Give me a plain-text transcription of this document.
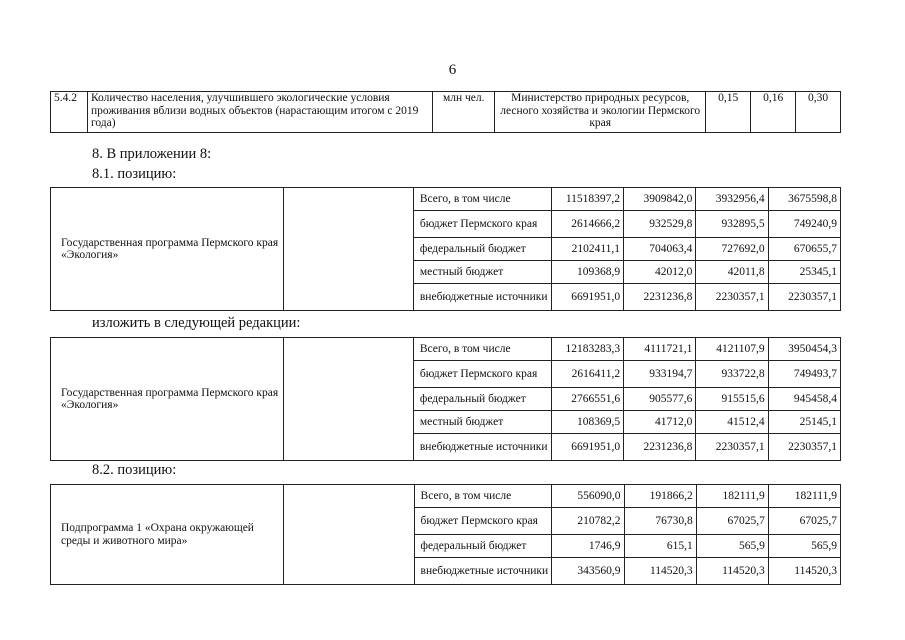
6
5.4.2	Количество населения, улучшившего экологические условия проживания вблизи водных объектов (нарастающим итогом с 2019 года)	млн чел.	Министерство природных ресурсов, лесного хозяйства и экологии Пермского края	0,15	0,16	0,30
8. В приложении 8:
8.1. позицию:
Государственная программа Пермского края «Экология»		Всего, в том числе	11518397,2	3909842,0	3932956,4	3675598,8
		бюджет Пермского края	2614666,2	932529,8	932895,5	749240,9
		федеральный бюджет	2102411,1	704063,4	727692,0	670655,7
		местный бюджет	109368,9	42012,0	42011,8	25345,1
		внебюджетные источники	6691951,0	2231236,8	2230357,1	2230357,1
изложить в следующей редакции:
Государственная программа Пермского края «Экология»		Всего, в том числе	12183283,3	4111721,1	4121107,9	3950454,3
		бюджет Пермского края	2616411,2	933194,7	933722,8	749493,7
		федеральный бюджет	2766551,6	905577,6	915515,6	945458,4
		местный бюджет	108369,5	41712,0	41512,4	25145,1
		внебюджетные источники	6691951,0	2231236,8	2230357,1	2230357,1
8.2. позицию:
Подпрограмма 1 «Охрана окружающей среды и животного мира»		Всего, в том числе	556090,0	191866,2	182111,9	182111,9
		бюджет Пермского края	210782,2	76730,8	67025,7	67025,7
		федеральный бюджет	1746,9	615,1	565,9	565,9
		внебюджетные источники	343560,9	114520,3	114520,3	114520,3
